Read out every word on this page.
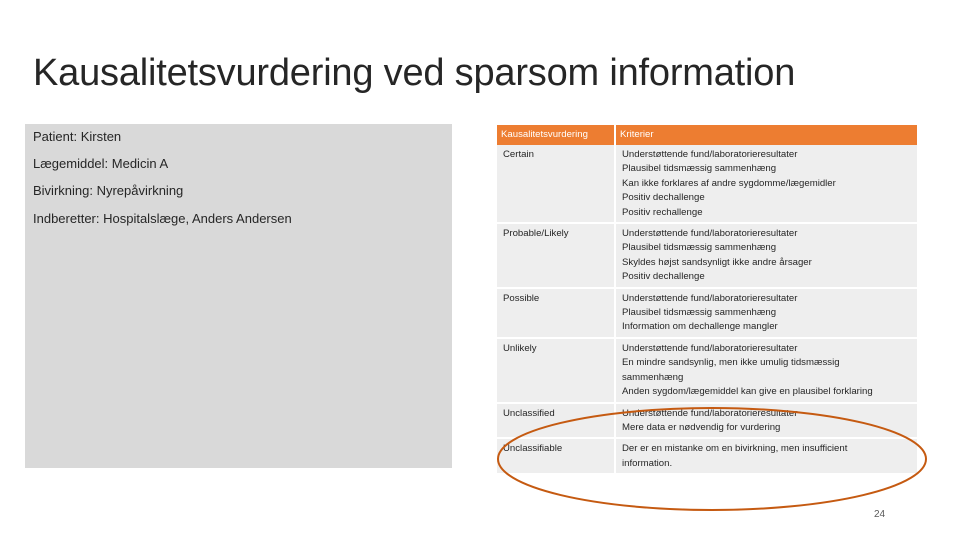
Kausalitetsvurdering ved sparsom information
Patient: Kirsten
Lægemiddel: Medicin A
Bivirkning: Nyrepåvirkning
Indberetter: Hospitalslæge, Anders Andersen
Kausalitetsvurdering	Kriterier
Certain	Understøttende fund/laboratorieresultater
Plausibel tidsmæssig sammenhæng
Kan ikke forklares af andre sygdomme/lægemidler
Positiv dechallenge
Positiv rechallenge

Probable/Likely	Understøttende fund/laboratorieresultater
Plausibel tidsmæssig sammenhæng
Skyldes højst sandsynligt ikke andre årsager
Positiv dechallenge

Possible	Understøttende fund/laboratorieresultater
Plausibel tidsmæssig sammenhæng
Information om dechallenge mangler

Unlikely	Understøttende fund/laboratorieresultater
En mindre sandsynlig, men ikke umulig tidsmæssig
sammenhæng
Anden sygdom/lægemiddel kan give en plausibel forklaring

Unclassified	Understøttende fund/laboratorieresultater
Mere data er nødvendig for vurdering

Unclassifiable	Der er en mistanke om en bivirkning, men insufficient
information.
24
